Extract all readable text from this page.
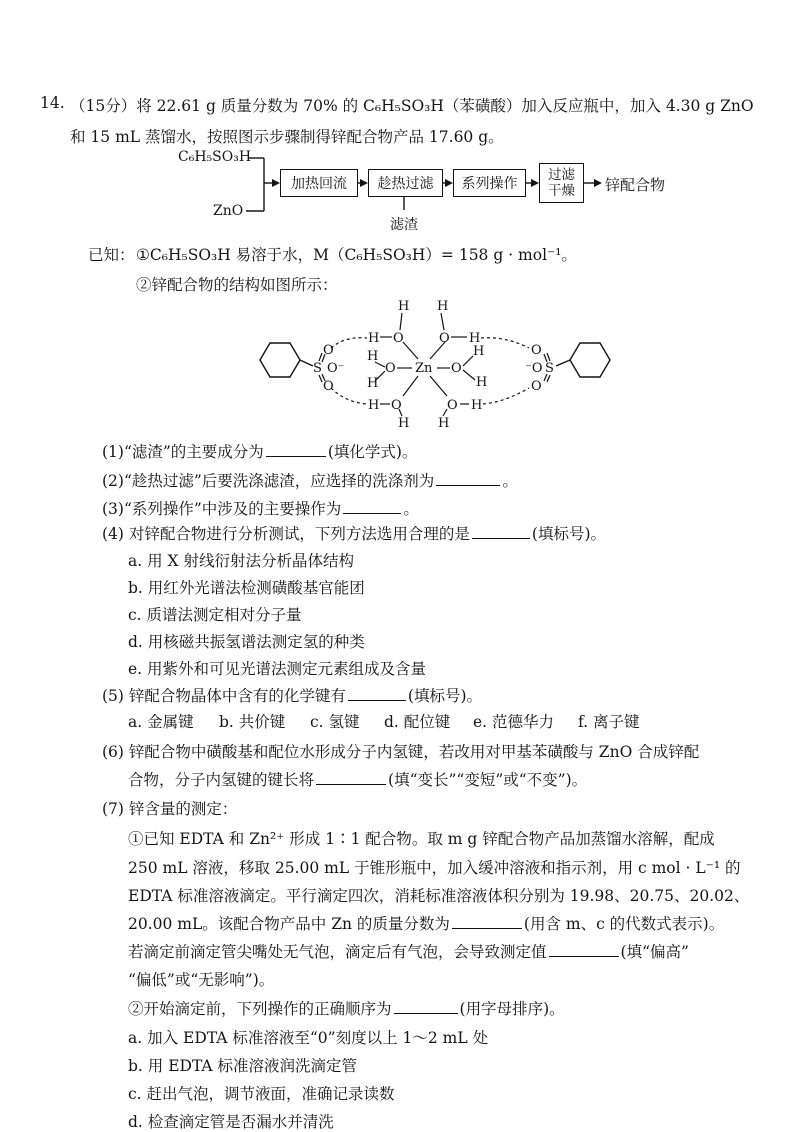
14. （15分）将 22.61 g 质量分数为 70% 的 C₆H₅SO₃H（苯磺酸）加入反应瓶中，加入 4.30 g ZnO
和 15 mL 蒸馏水，按照图示步骤制得锌配合物产品 17.60 g。
C₆H₅SO₃H
ZnO
加热回流	趁热过滤	系列操作
过滤
干燥 锌配合物
滤渣
已知： ①C₆H₅SO₃H 易溶于水，M（C₆H₅SO₃H）= 158 g · mol⁻¹。
②锌配合物的结构如图所示：
S
O
O⁻
O
S
O
⁻O
O
Zn
H
H O
H
O H
H
O
H
O
H
H
H O
H
O H
H
(1)“滤渣”的主要成分为	(填化学式)。
(2)“趁热过滤”后要洗涤滤渣，应选择的洗涤剂为	。
(3)“系列操作”中涉及的主要操作为	。
(4) 对锌配合物进行分析测试，下列方法选用合理的是	(填标号)。
a. 用 X 射线衍射法分析晶体结构
b. 用红外光谱法检测磺酸基官能团
c. 质谱法测定相对分子量
d. 用核磁共振氢谱法测定氢的种类
e. 用紫外和可见光谱法测定元素组成及含量
(5) 锌配合物晶体中含有的化学键有	(填标号)。
a. 金属键 b. 共价键 c. 氢键 d. 配位键 e. 范德华力 f. 离子键
(6) 锌配合物中磺酸基和配位水形成分子内氢键，若改用对甲基苯磺酸与 ZnO 合成锌配
合物，分子内氢键的键长将	(填“变长”“变短”或“不变”)。
(7) 锌含量的测定：
①已知 EDTA 和 Zn²⁺ 形成 1∶1 配合物。取 m g 锌配合物产品加蒸馏水溶解，配成
250 mL 溶液，移取 25.00 mL 于锥形瓶中，加入缓冲溶液和指示剂，用 c mol · L⁻¹ 的
EDTA 标准溶液滴定。平行滴定四次，消耗标准溶液体积分别为 19.98、20.75、20.02、
20.00 mL。该配合物产品中 Zn 的质量分数为	(用含 m、c 的代数式表示)。
若滴定前滴定管尖嘴处无气泡，滴定后有气泡，会导致测定值	(填“偏高”
“偏低”或“无影响”)。
②开始滴定前，下列操作的正确顺序为	(用字母排序)。
a. 加入 EDTA 标准溶液至“0”刻度以上 1～2 mL 处
b. 用 EDTA 标准溶液润洗滴定管
c. 赶出气泡，调节液面，准确记录读数
d. 检查滴定管是否漏水并清洗
